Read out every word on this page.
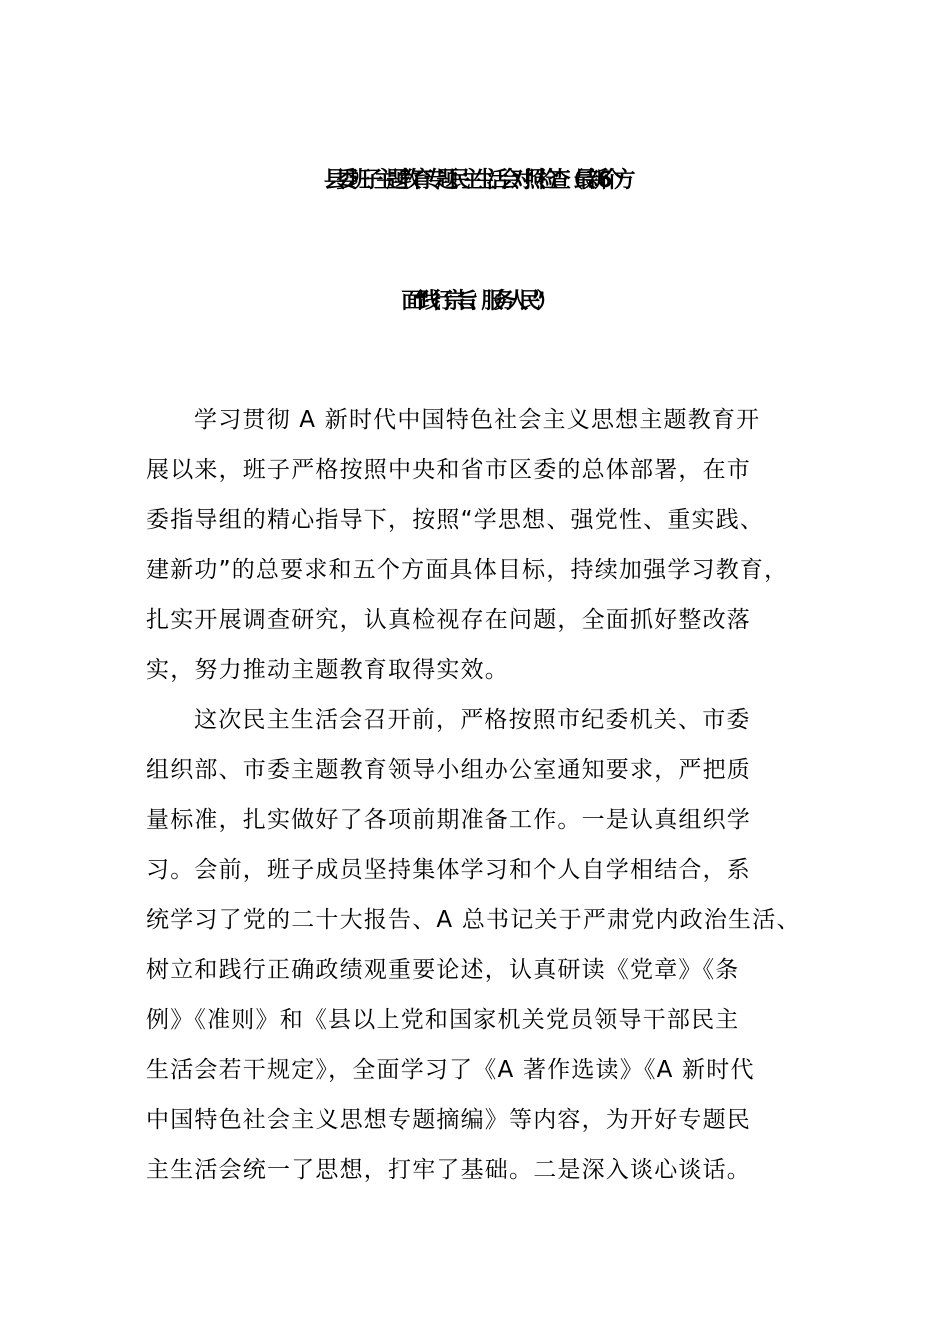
县委班子主题教育专题民主生活会对照检查（最新 6 个方
面“践行宗旨、服务人民”）
学习贯彻 A 新时代中国特色社会主义思想主题教育开
展以来，班子严格按照中央和省市区委的总体部署，在市
委指导组的精心指导下，按照“学思想、强党性、重实践、
建新功”的总要求和五个方面具体目标，持续加强学习教育，
扎实开展调查研究，认真检视存在问题，全面抓好整改落
实，努力推动主题教育取得实效。
这次民主生活会召开前，严格按照市纪委机关、市委
组织部、市委主题教育领导小组办公室通知要求，严把质
量标准，扎实做好了各项前期准备工作。一是认真组织学
习。会前，班子成员坚持集体学习和个人自学相结合，系
统学习了党的二十大报告、A 总书记关于严肃党内政治生活、
树立和践行正确政绩观重要论述，认真研读《党章》《条
例》《准则》和《县以上党和国家机关党员领导干部民主
生活会若干规定》，全面学习了《A 著作选读》《A 新时代
中国特色社会主义思想专题摘编》等内容，为开好专题民
主生活会统一了思想，打牢了基础。二是深入谈心谈话。
